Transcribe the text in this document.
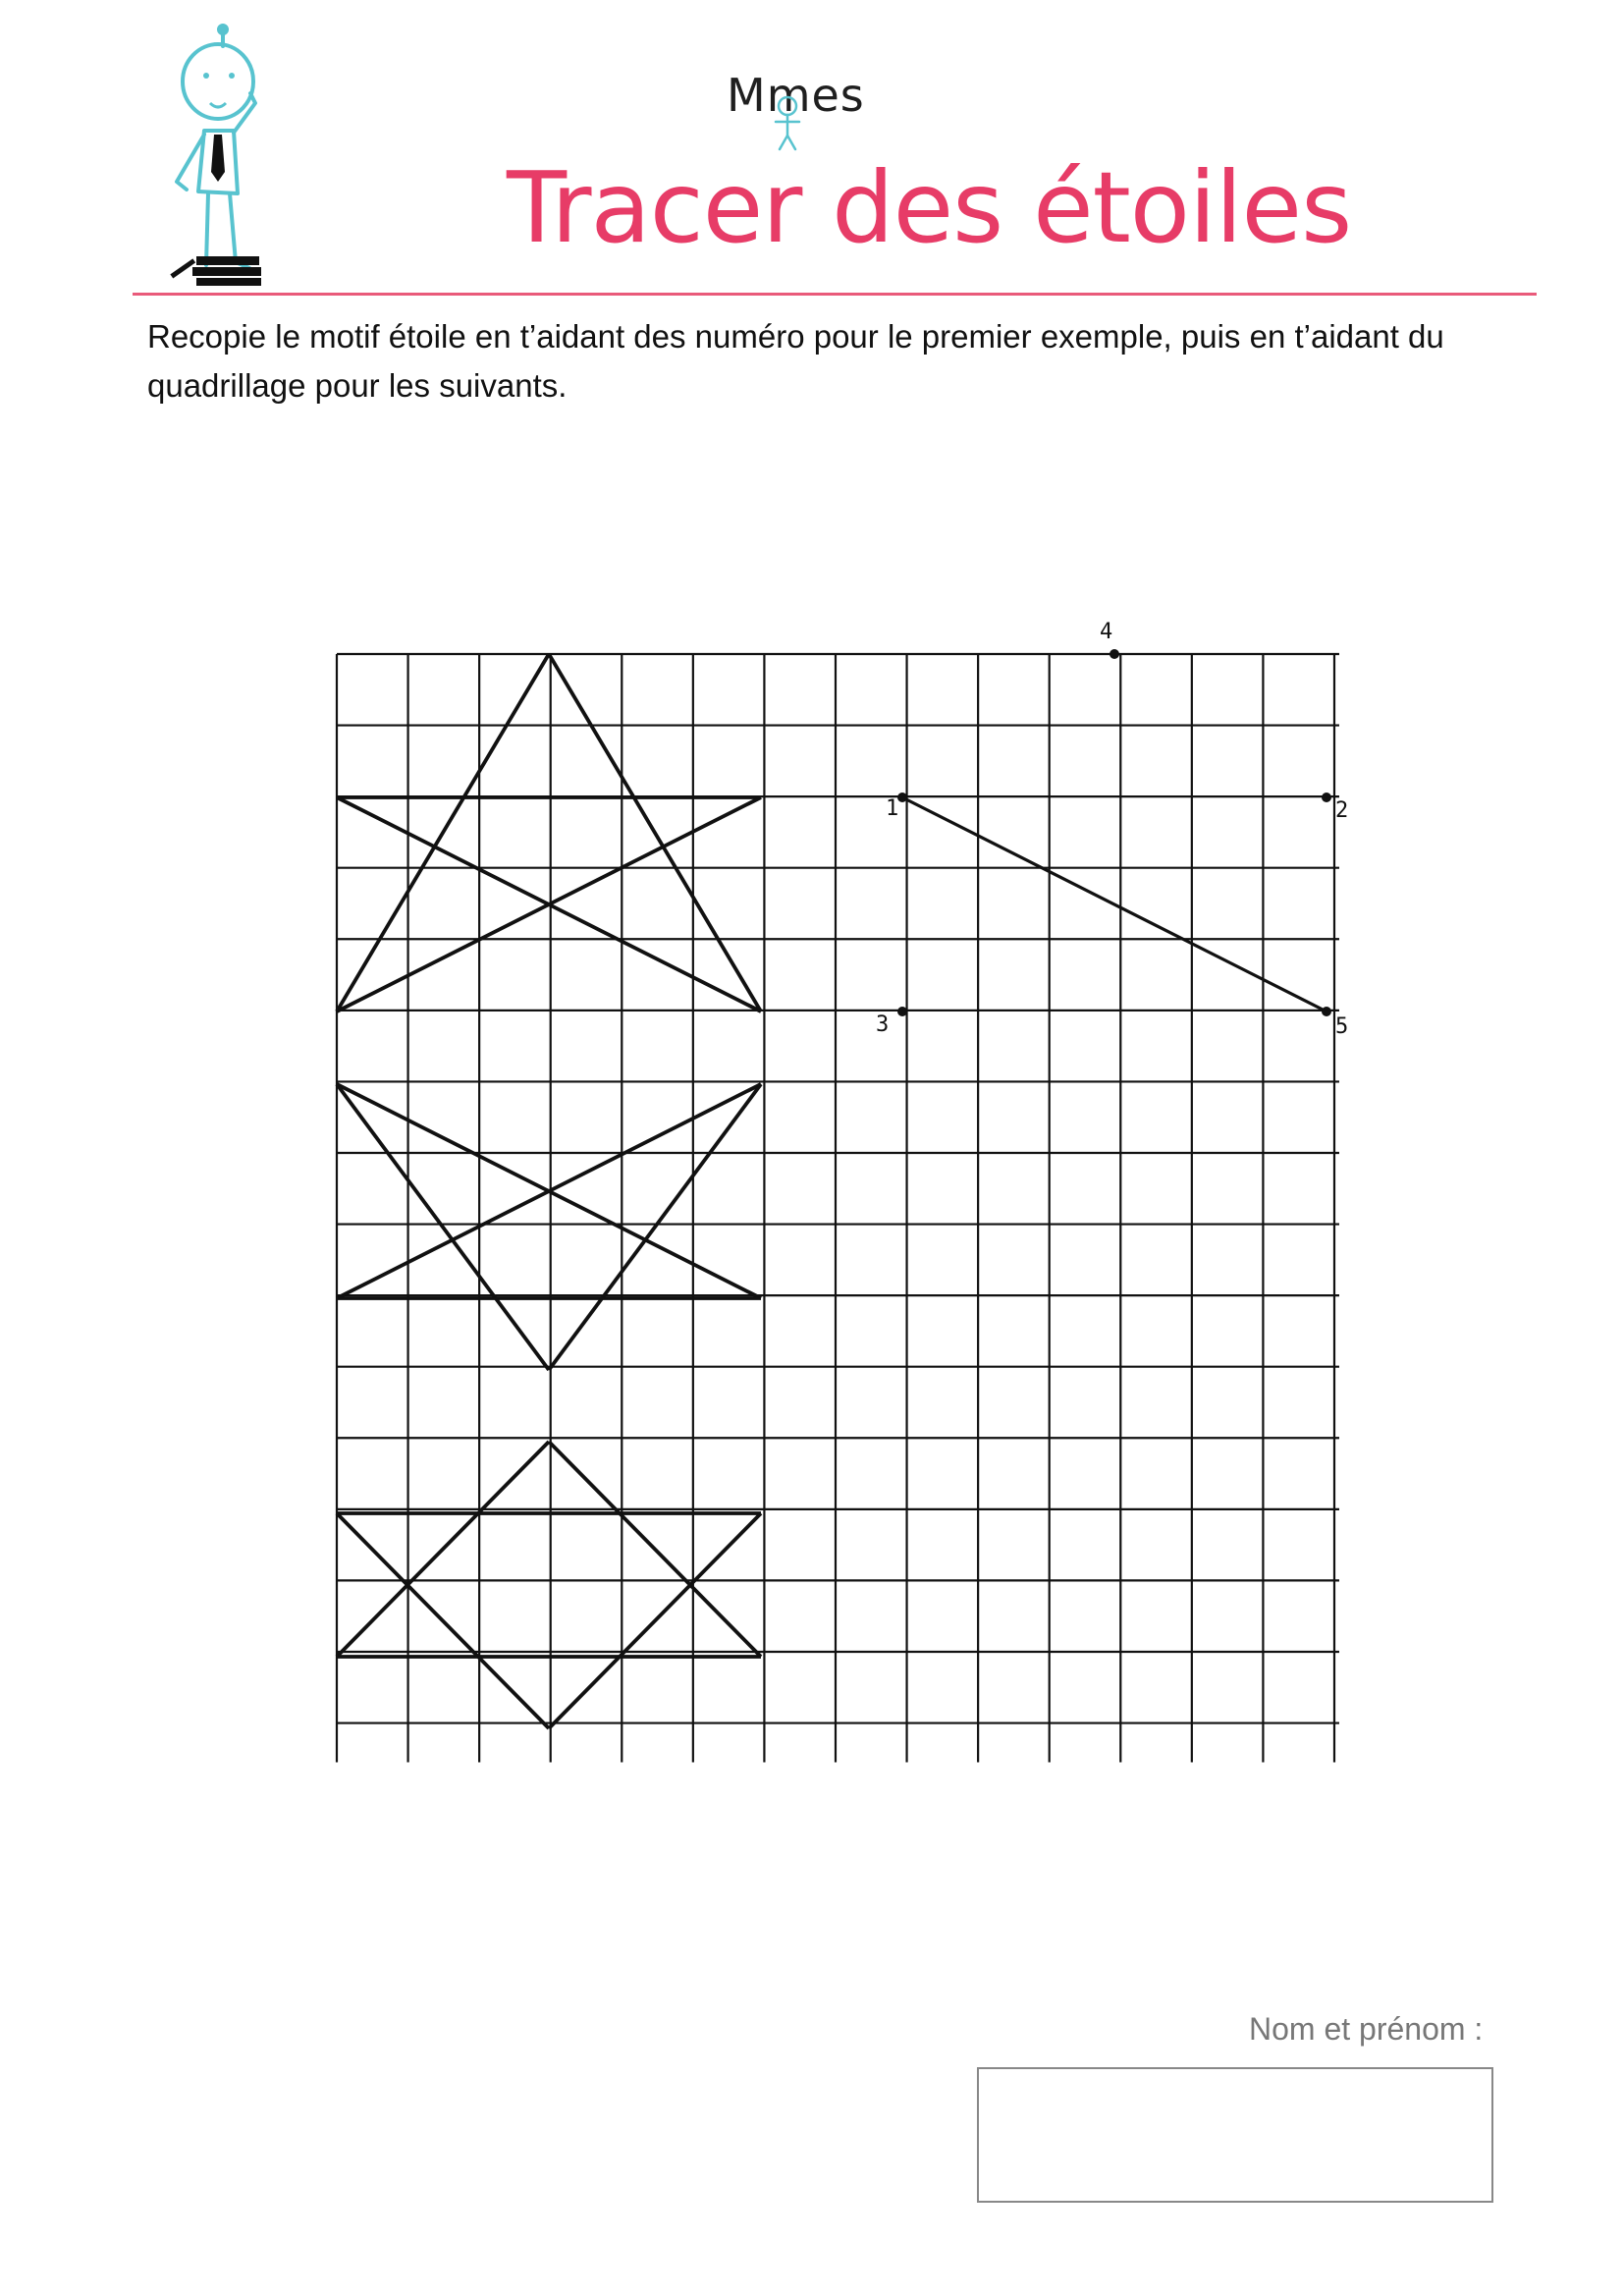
Mmes
Tracer des étoiles
Recopie le motif étoile en t’aidant des numéro pour le premier exemple, puis en t’aidant du quadrillage pour les suivants.
1	2
3
4
5
Nom et prénom :
